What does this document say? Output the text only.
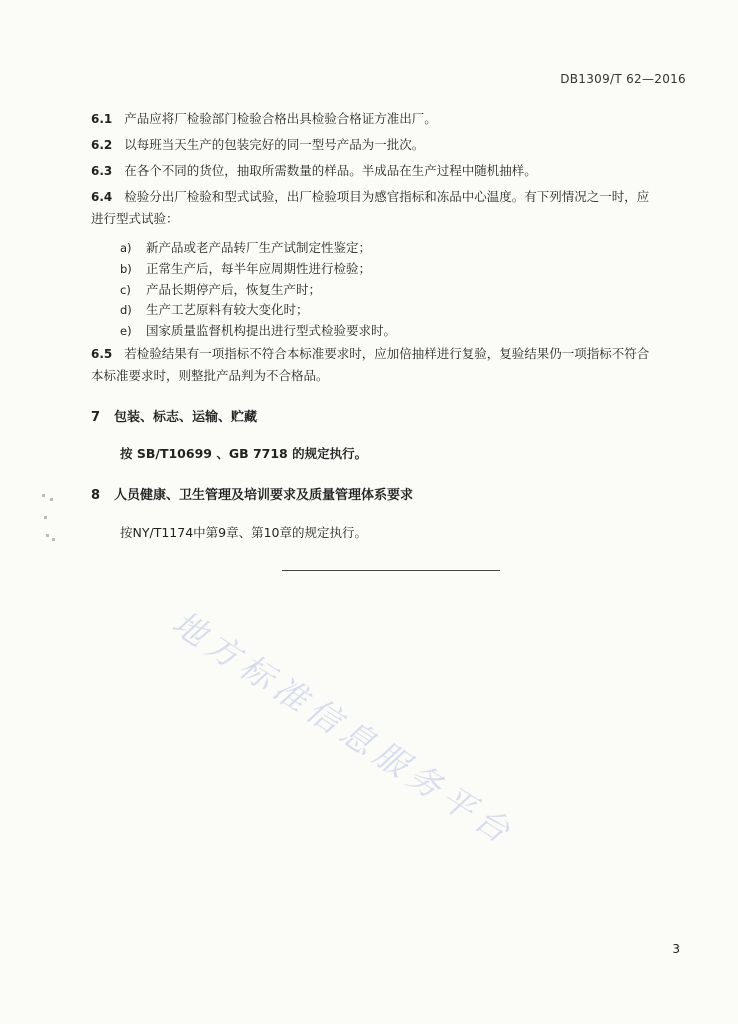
DB1309/T 62—2016
6.1 产品应将厂检验部门检验合格出具检验合格证方准出厂。
6.2 以每班当天生产的包装完好的同一型号产品为一批次。
6.3 在各个不同的货位，抽取所需数量的样品。半成品在生产过程中随机抽样。
6.4 检验分出厂检验和型式试验，出厂检验项目为感官指标和冻品中心温度。有下列情况之一时，应
进行型式试验：
a) 新产品或老产品转厂生产试制定性鉴定；
b) 正常生产后，每半年应周期性进行检验；
c) 产品长期停产后，恢复生产时；
d) 生产工艺原料有较大变化时；
e) 国家质量监督机构提出进行型式检验要求时。
6.5 若检验结果有一项指标不符合本标准要求时，应加倍抽样进行复验，复验结果仍一项指标不符合
本标准要求时，则整批产品判为不合格品。
7 包装、标志、运输、贮藏
按 SB/T10699 、GB 7718 的规定执行。
8 人员健康、卫生管理及培训要求及质量管理体系要求
按NY/T1174中第9章、第10章的规定执行。
地方标准信息服务平台
3
